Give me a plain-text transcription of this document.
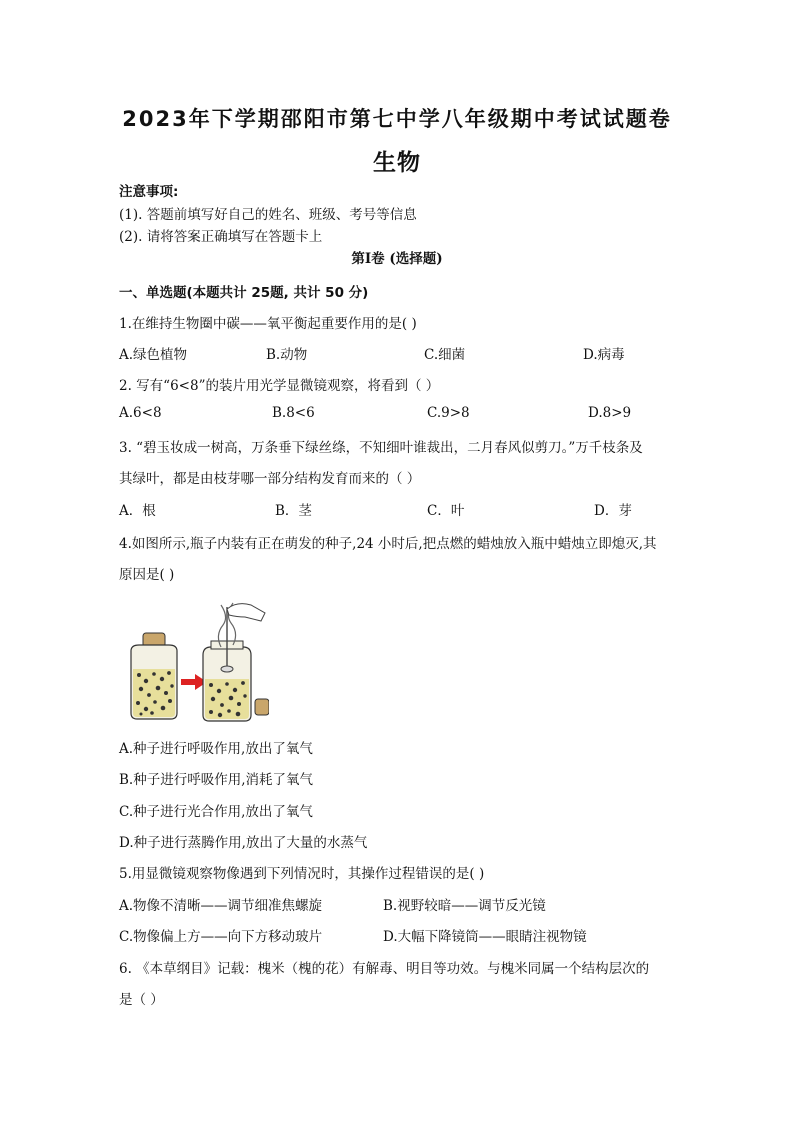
2023年下学期邵阳市第七中学八年级期中考试试题卷
生物
注意事项:
(1). 答题前填写好自己的姓名、班级、考号等信息
(2). 请将答案正确填写在答题卡上
第I卷 (选择题)
一、单选题(本题共计 25题, 共计 50 分)
1.在维持生物圈中碳——氧平衡起重要作用的是( )
A.绿色植物	B.动物	C.细菌	D.病毒
2. 写有“6<8”的装片用光学显微镜观察，将看到（ ）
A.6<8	B.8<6	C.9>8	D.8>9
3. “碧玉妆成一树高，万条垂下绿丝绦，不知细叶谁裁出，二月春风似剪刀。”万千枝条及
其绿叶，都是由枝芽哪一部分结构发育而来的（ ）
A．根	B．茎	C．叶	D．芽
4.如图所示,瓶子内装有正在萌发的种子,24 小时后,把点燃的蜡烛放入瓶中蜡烛立即熄灭,其
原因是( )
A.种子进行呼吸作用,放出了氧气
B.种子进行呼吸作用,消耗了氧气
C.种子进行光合作用,放出了氧气
D.种子进行蒸腾作用,放出了大量的水蒸气
5.用显微镜观察物像遇到下列情况时，其操作过程错误的是( )
A.物像不清晰——调节细准焦螺旋	B.视野较暗——调节反光镜
C.物像偏上方——向下方移动玻片	D.大幅下降镜筒——眼睛注视物镜
6. 《本草纲目》记载：槐米（槐的花）有解毒、明目等功效。与槐米同属一个结构层次的
是（ ）
